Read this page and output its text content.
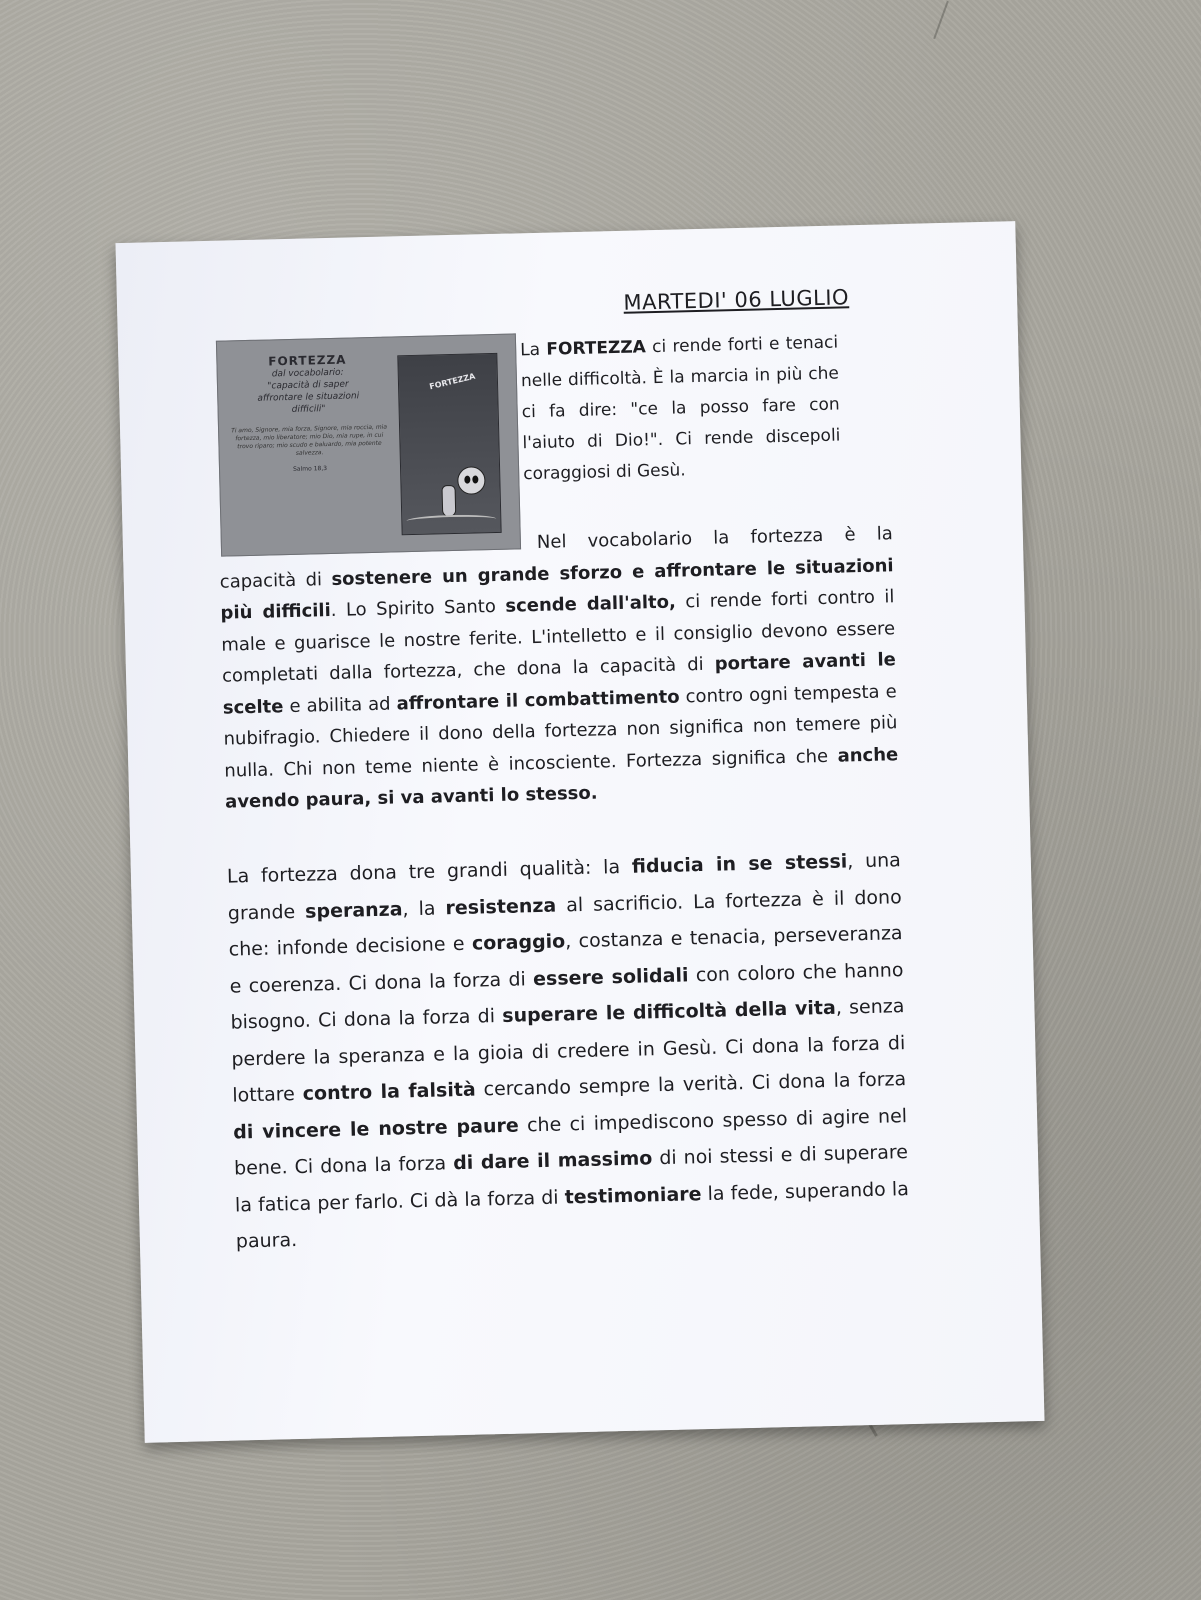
MARTEDI' 06 LUGLIO
FORTEZZA
dal vocabolario:
"capacità di saper
affrontare le situazioni
difficili"
Ti amo, Signore, mia forza, Signore, mia roccia, mia fortezza, mio liberatore; mio Dio, mia rupe, in cui trovo riparo; mio scudo e baluardo, mia potente salvezza.
Salmo 18,3
FORTEZZA
La FORTEZZA ci rende forti e tenaci nelle difficoltà. È la marcia in più che ci fa dire: "ce la posso fare con l'aiuto di Dio!". Ci rende discepoli coraggiosi di Gesù.
Nel vocabolario la fortezza è la capacità di sostenere un grande sforzo e affrontare le situazioni più difficili. Lo Spirito Santo scende dall'alto, ci rende forti contro il male e guarisce le nostre ferite. L'intelletto e il consiglio devono essere completati dalla fortezza, che dona la capacità di portare avanti le scelte e abilita ad affrontare il combattimento contro ogni tempesta e nubifragio. Chiedere il dono della fortezza non significa non temere più nulla. Chi non teme niente è incosciente. Fortezza significa che anche avendo paura, si va avanti lo stesso.
La fortezza dona tre grandi qualità: la fiducia in se stessi, una grande speranza, la resistenza al sacrificio. La fortezza è il dono che: infonde decisione e coraggio, costanza e tenacia, perseveranza e coerenza. Ci dona la forza di essere solidali con coloro che hanno bisogno. Ci dona la forza di superare le difficoltà della vita, senza perdere la speranza e la gioia di credere in Gesù. Ci dona la forza di lottare contro la falsità cercando sempre la verità. Ci dona la forza di vincere le nostre paure che ci impediscono spesso di agire nel bene. Ci dona la forza di dare il massimo di noi stessi e di superare la fatica per farlo. Ci dà la forza di testimoniare la fede, superando la paura.
